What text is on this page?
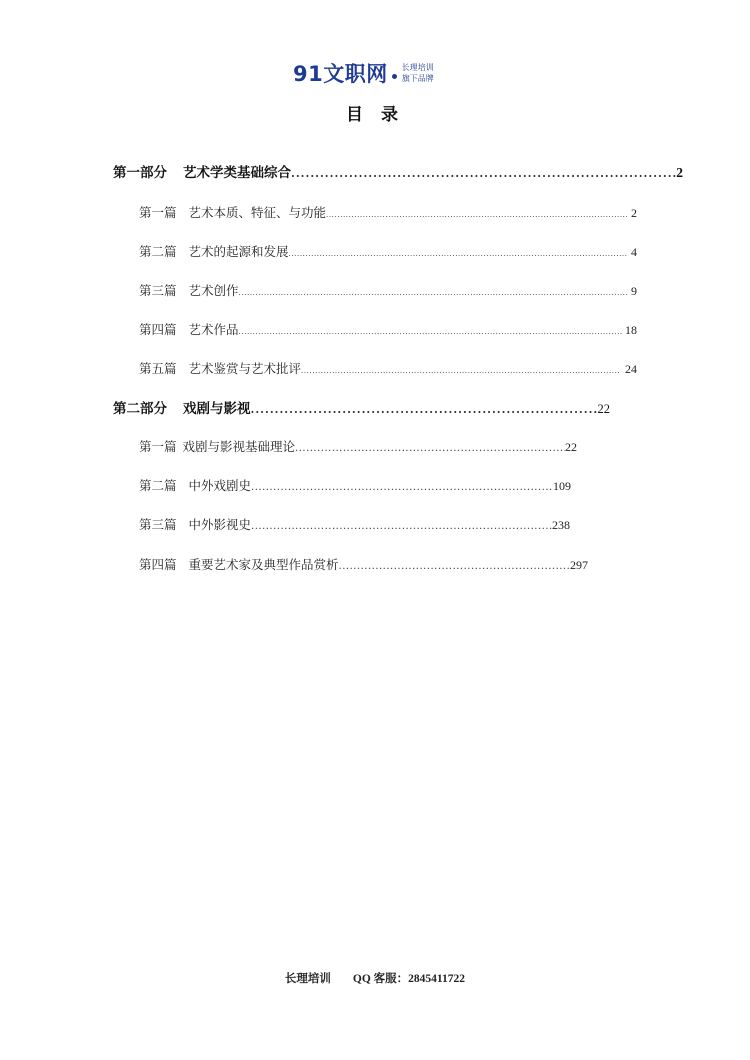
91文职网 长理培训
旗下品牌
目 录
第一部分 艺术学类基础综合 .....	2
第一篇 艺术本质、特征、与功能 .....	2
第二篇 艺术的起源和发展 .....	4
第三篇 艺术创作 .....	9
第四篇 艺术作品 .....	18
第五篇 艺术鉴赏与艺术批评 .....	24
第二部分 戏剧与影视 .....	22
第一篇 戏剧与影视基础理论 .....	22
第二篇 中外戏剧史 .....	109
第三篇 中外影视史 .....	238
第四篇 重要艺术家及典型作品赏析 .....	297
长理培训 QQ 客服：2845411722
